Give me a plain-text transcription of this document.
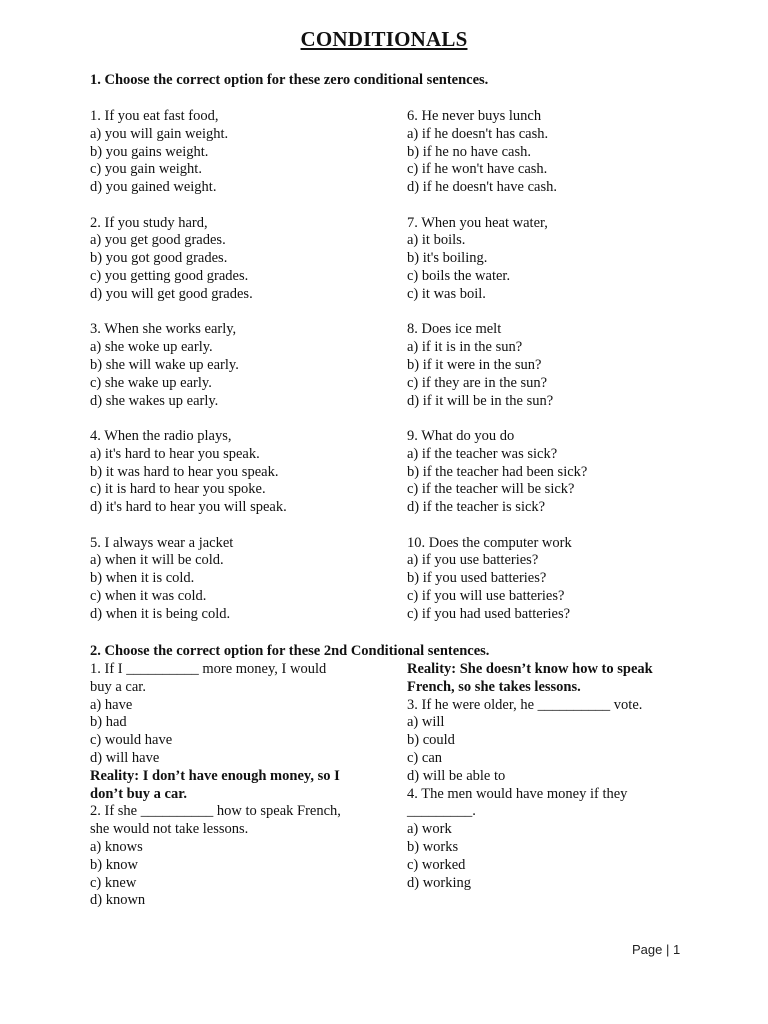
CONDITIONALS
1. Choose the correct option for these zero conditional sentences.
1. If you eat fast food,
a) you will gain weight.
b) you gains weight.
c) you gain weight.
d) you gained weight.
2. If you study hard,
a) you get good grades.
b) you got good grades.
c) you getting good grades.
d) you will get good grades.
3. When she works early,
a) she woke up early.
b) she will wake up early.
c) she wake up early.
d) she wakes up early.
4. When the radio plays,
a) it's hard to hear you speak.
b) it was hard to hear you speak.
c) it is hard to hear you spoke.
d) it's hard to hear you will speak.
5. I always wear a jacket
a) when it will be cold.
b) when it is cold.
c) when it was cold.
d) when it is being cold.
6. He never buys lunch
a) if he doesn't has cash.
b) if he no have cash.
c) if he won't have cash.
d) if he doesn't have cash.
7. When you heat water,
a) it boils.
b) it's boiling.
c) boils the water.
c) it was boil.
8. Does ice melt
a) if it is in the sun?
b) if it were in the sun?
c) if they are in the sun?
d) if it will be in the sun?
9. What do you do
a) if the teacher was sick?
b) if the teacher had been sick?
c) if the teacher will be sick?
d) if the teacher is sick?
10. Does the computer work
a) if you use batteries?
b) if you used batteries?
c) if you will use batteries?
c) if you had used batteries?
2. Choose the correct option for these 2nd Conditional sentences.
1. If I __________ more money, I would
buy a car.
a) have
b) had
c) would have
d) will have
Reality: I don’t have enough money, so I
don’t buy a car.
2. If she __________ how to speak French,
she would not take lessons.
a) knows
b) know
c) knew
d) known
Reality: She doesn’t know how to speak
French, so she takes lessons.
3. If he were older, he __________ vote.
a) will
b) could
c) can
d) will be able to
4. The men would have money if they
_________.
a) work
b) works
c) worked
d) working
Page | 1
